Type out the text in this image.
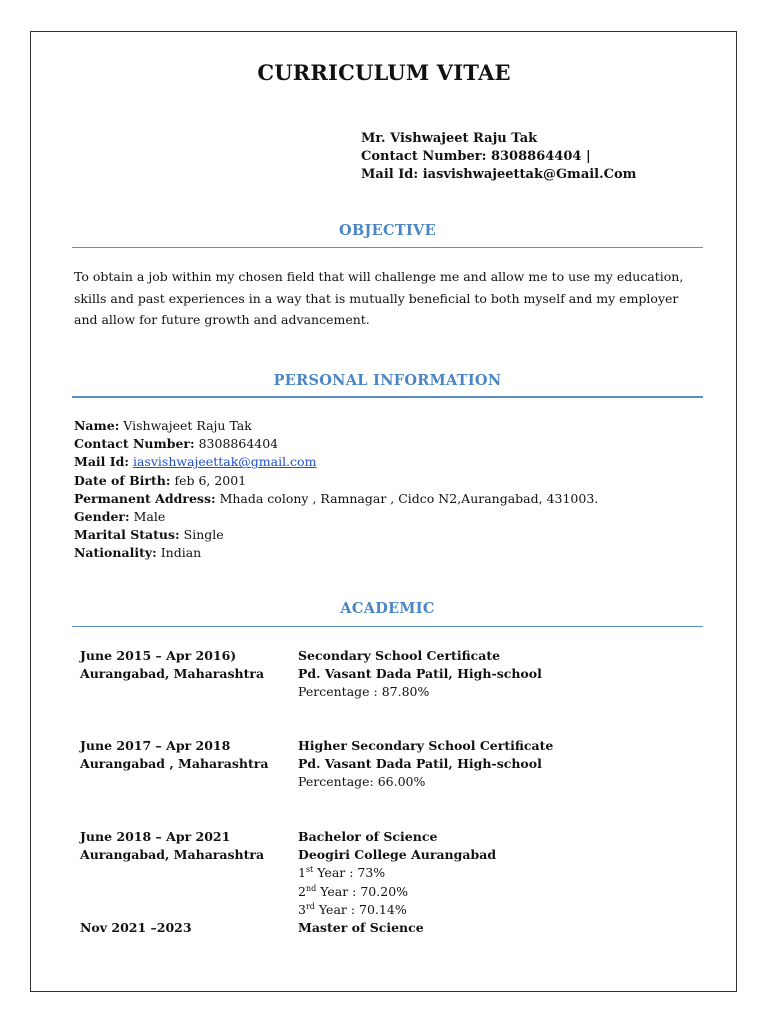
CURRICULUM VITAE
Mr. Vishwajeet Raju Tak
Contact Number: 8308864404 |
Mail Id: iasvishwajeettak@Gmail.Com
OBJECTIVE
To obtain a job within my chosen field that will challenge me and allow me to use my education, skills and past experiences in a way that is mutually beneficial to both myself and my employer and allow for future growth and advancement.
PERSONAL INFORMATION
Name: Vishwajeet Raju Tak
Contact Number: 8308864404
Mail Id: iasvishwajeettak@gmail.com
Date of Birth: feb 6, 2001
Permanent Address: Mhada colony , Ramnagar , Cidco N2,Aurangabad, 431003.
Gender: Male
Marital Status: Single
Nationality: Indian
ACADEMIC
June 2015 – Apr 2016)
Aurangabad, Maharashtra
Secondary School Certificate
Pd. Vasant Dada Patil, High-school
Percentage : 87.80%
June 2017 – Apr 2018
Aurangabad , Maharashtra
Higher Secondary School Certificate
Pd. Vasant Dada Patil, High-school
Percentage: 66.00%
June 2018 – Apr 2021
Aurangabad, Maharashtra
Bachelor of Science
Deogiri College Aurangabad
1st Year : 73%
2nd Year : 70.20%
3rd Year : 70.14%
Nov 2021 –2023	Master of Science
